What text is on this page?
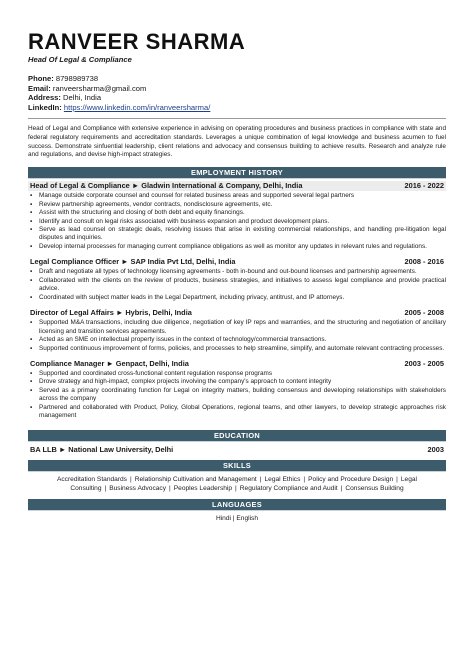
RANVEER SHARMA
Head Of Legal & Compliance
Phone: 8798989738
Email: ranveersharma@gmail.com
Address: Delhi, India
LinkedIn: https://www.linkedin.com/in/ranveersharma/

Head of Legal and Compliance with extensive experience in advising on operating procedures and business practices in compliance with state and federal regulatory requirements and accreditation standards. Leverages a unique combination of legal knowledge and business acumen to fuel success. Demonstrate sinfuential leadership, client relations and advocacy and consensus building to achieve results. Research and analyze rule and regulations, and devise high-impact strategies.

EMPLOYMENT HISTORY
Head of Legal & Compliance ► Gladwin International & Company, Delhi, India	2016 - 2022
▪ Manage outside corporate counsel and counsel for related business areas and supported several legal partners
▪ Review partnership agreements, vendor contracts, nondisclosure agreements, etc.
▪ Assist with the structuring and closing of both debt and equity financings.
▪ Identify and consult on legal risks associated with business expansion and product development plans.
▪ Serve as lead counsel on strategic deals, resolving issues that arise in existing commercial relationships, and handling pre-litigation legal disputes and inquiries.
▪ Develop internal processes for managing current compliance obligations as well as monitor any updates in relevant rules and regulations.
Legal Compliance Officer ► SAP India Pvt Ltd, Delhi, India	2008 - 2016
▪ Draft and negotiate all types of technology licensing agreements - both in-bound and out-bound licenses and partnership agreements.
▪ Collaborated with the clients on the review of products, business strategies, and initiatives to assess legal compliance and provide practical advice.
▪ Coordinated with subject matter leads in the Legal Department, including privacy, antitrust, and IP attorneys.
Director of Legal Affairs ► Hybris, Delhi, India	2005 - 2008
▪ Supported M&A transactions, including due diligence, negotiation of key IP reps and warranties, and the structuring and negotiation of ancillary licensing and transition services agreements.
▪ Acted as an SME on intellectual property issues in the context of technology/commercial transactions.
▪ Supported continuous improvement of forms, policies, and processes to help streamline, simplify, and automate relevant contracting processes.
Compliance Manager ► Genpact, Delhi, India	2003 - 2005
▪ Supported and coordinated cross-functional content regulation response programs
▪ Drove strategy and high-impact, complex projects involving the company's approach to content integrity
▪ Served as a primary coordinating function for Legal on integrity matters, building consensus and developing relationships with stakeholders across the company
▪ Partnered and collaborated with Product, Policy, Global Operations, regional teams, and other lawyers, to develop strategic approaches risk management
EDUCATION
BA LLB ► National Law University, Delhi	2003
SKILLS
Accreditation Standards | Relationship Cultivation and Management | Legal Ethics | Policy and Procedure Design | Legal Consulting | Business Advocacy | Peoples Leadership | Regulatory Compliance and Audit | Consensus Building
LANGUAGES
Hindi | English
